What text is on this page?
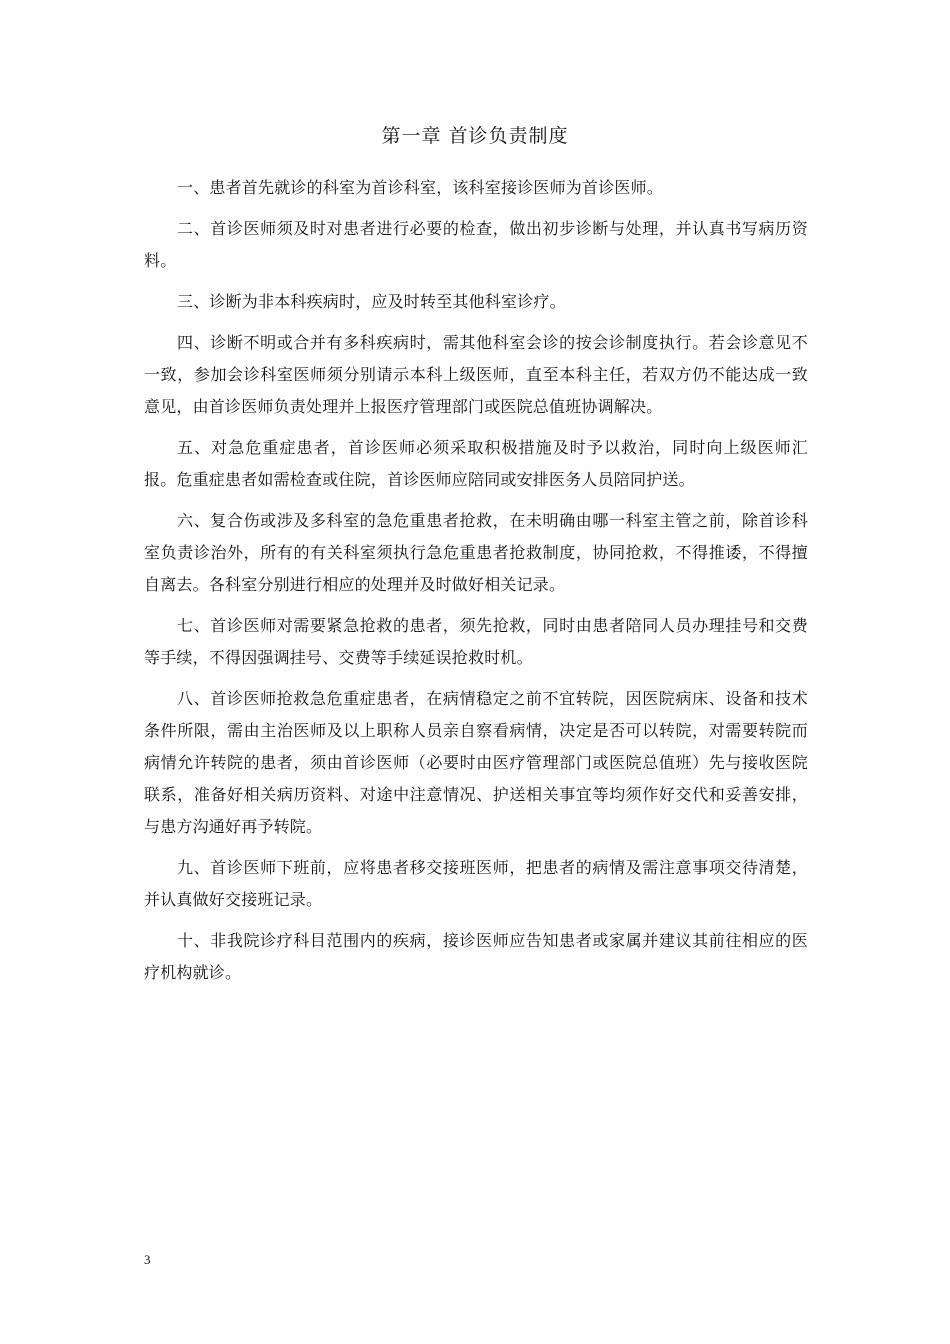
第一章 首诊负责制度

一、患者首先就诊的科室为首诊科室，该科室接诊医师为首诊医师。

二、首诊医师须及时对患者进行必要的检查，做出初步诊断与处理，并认真书写病历资料。

三、诊断为非本科疾病时，应及时转至其他科室诊疗。

四、诊断不明或合并有多科疾病时，需其他科室会诊的按会诊制度执行。若会诊意见不一致，参加会诊科室医师须分别请示本科上级医师，直至本科主任，若双方仍不能达成一致意见，由首诊医师负责处理并上报医疗管理部门或医院总值班协调解决。

五、对急危重症患者，首诊医师必须采取积极措施及时予以救治，同时向上级医师汇报。危重症患者如需检查或住院，首诊医师应陪同或安排医务人员陪同护送。

六、复合伤或涉及多科室的急危重患者抢救，在未明确由哪一科室主管之前，除首诊科室负责诊治外，所有的有关科室须执行急危重患者抢救制度，协同抢救，不得推诿，不得擅自离去。各科室分别进行相应的处理并及时做好相关记录。

七、首诊医师对需要紧急抢救的患者，须先抢救，同时由患者陪同人员办理挂号和交费等手续，不得因强调挂号、交费等手续延误抢救时机。

八、首诊医师抢救急危重症患者，在病情稳定之前不宜转院，因医院病床、设备和技术条件所限，需由主治医师及以上职称人员亲自察看病情，决定是否可以转院，对需要转院而病情允许转院的患者，须由首诊医师（必要时由医疗管理部门或医院总值班）先与接收医院联系，准备好相关病历资料、对途中注意情况、护送相关事宜等均须作好交代和妥善安排，与患方沟通好再予转院。

九、首诊医师下班前，应将患者移交接班医师，把患者的病情及需注意事项交待清楚，并认真做好交接班记录。

十、非我院诊疗科目范围内的疾病，接诊医师应告知患者或家属并建议其前往相应的医疗机构就诊。

3
